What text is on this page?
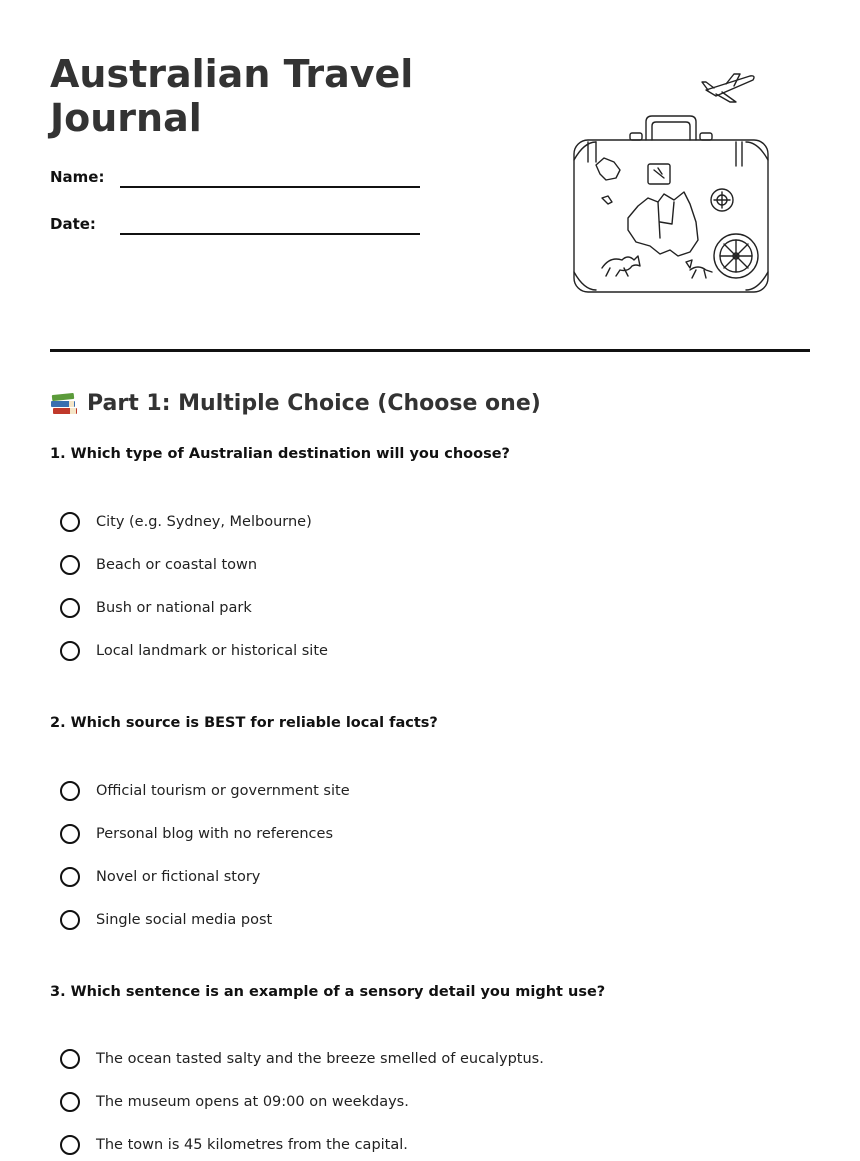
Australian Travel Journal
Name:
Date:
Part 1: Multiple Choice (Choose one)

1. Which type of Australian destination will you choose?

City (e.g. Sydney, Melbourne)
Beach or coastal town
Bush or national park
Local landmark or historical site

2. Which source is BEST for reliable local facts?

Official tourism or government site
Personal blog with no references
Novel or fictional story
Single social media post

3. Which sentence is an example of a sensory detail you might use?

The ocean tasted salty and the breeze smelled of eucalyptus.
The museum opens at 09:00 on weekdays.
The town is 45 kilometres from the capital.
